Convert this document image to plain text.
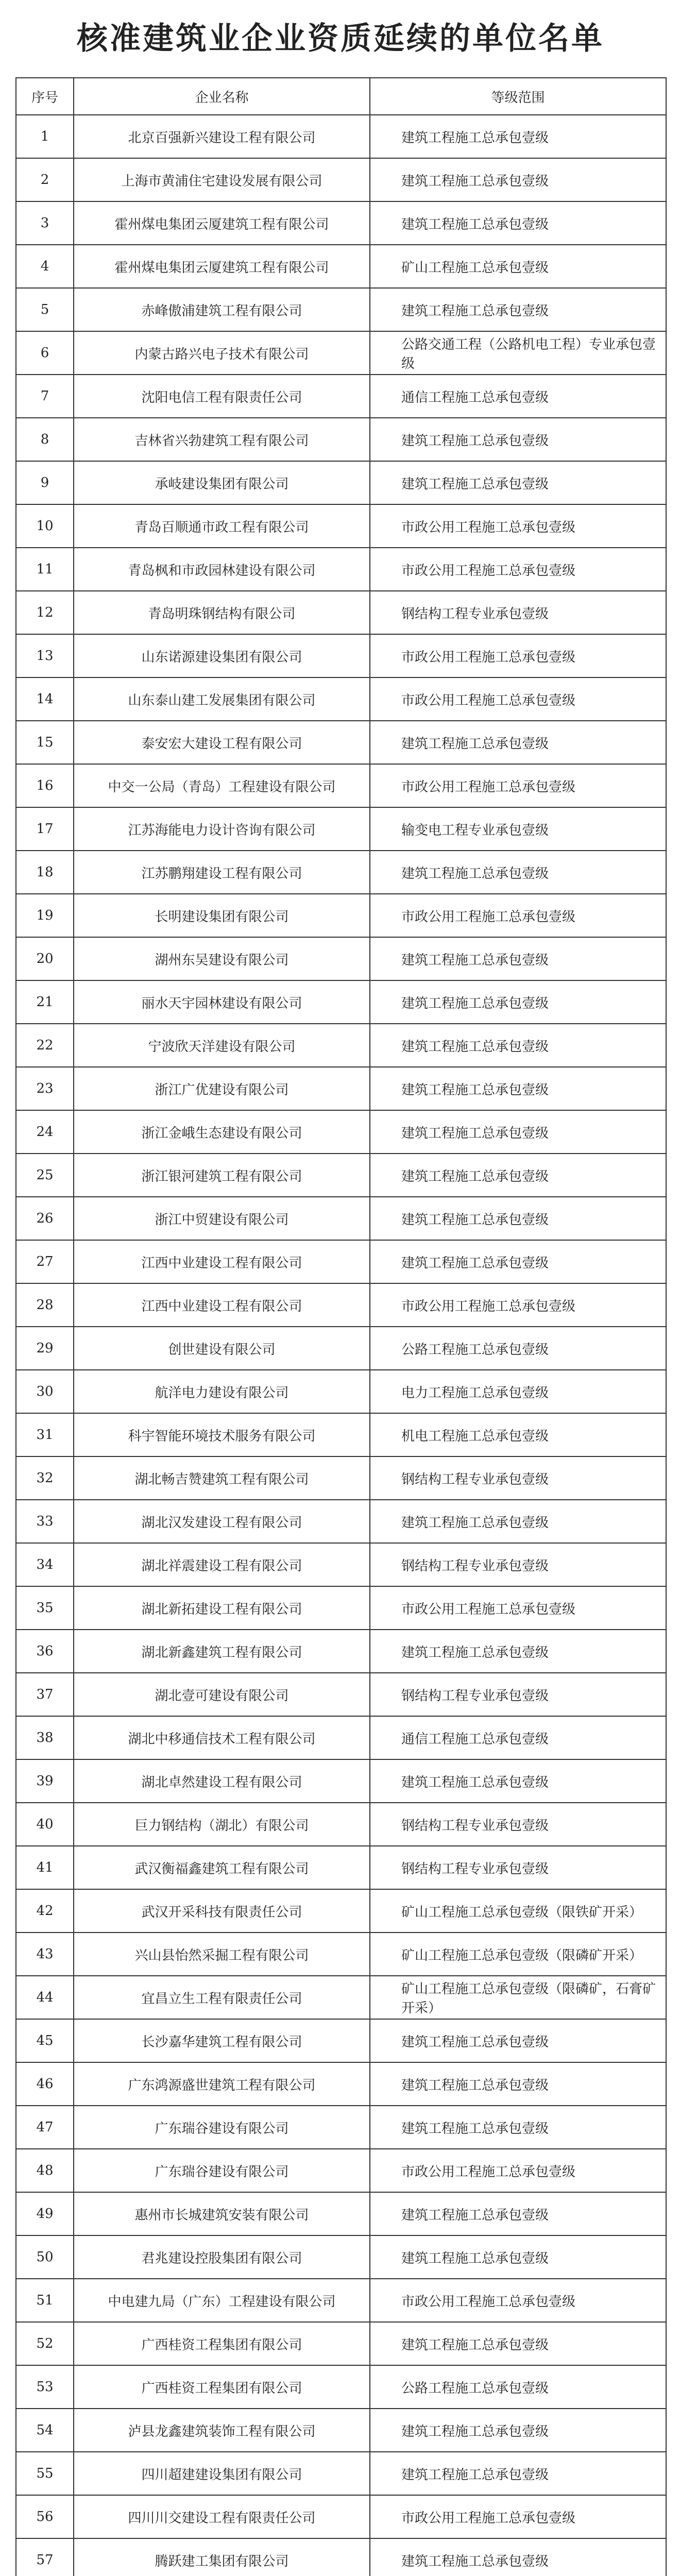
核准建筑业企业资质延续的单位名单
序号	企业名称	等级范围
1	北京百强新兴建设工程有限公司	建筑工程施工总承包壹级
2	上海市黄浦住宅建设发展有限公司	建筑工程施工总承包壹级
3	霍州煤电集团云厦建筑工程有限公司	建筑工程施工总承包壹级
4	霍州煤电集团云厦建筑工程有限公司	矿山工程施工总承包壹级
5	赤峰傲浦建筑工程有限公司	建筑工程施工总承包壹级
6	内蒙古路兴电子技术有限公司	公路交通工程（公路机电工程）专业承包壹级
7	沈阳电信工程有限责任公司	通信工程施工总承包壹级
8	吉林省兴勃建筑工程有限公司	建筑工程施工总承包壹级
9	承岐建设集团有限公司	建筑工程施工总承包壹级
10	青岛百顺通市政工程有限公司	市政公用工程施工总承包壹级
11	青岛枫和市政园林建设有限公司	市政公用工程施工总承包壹级
12	青岛明珠钢结构有限公司	钢结构工程专业承包壹级
13	山东诺源建设集团有限公司	市政公用工程施工总承包壹级
14	山东泰山建工发展集团有限公司	市政公用工程施工总承包壹级
15	泰安宏大建设工程有限公司	建筑工程施工总承包壹级
16	中交一公局（青岛）工程建设有限公司	市政公用工程施工总承包壹级
17	江苏海能电力设计咨询有限公司	输变电工程专业承包壹级
18	江苏鹏翔建设工程有限公司	建筑工程施工总承包壹级
19	长明建设集团有限公司	市政公用工程施工总承包壹级
20	湖州东吴建设有限公司	建筑工程施工总承包壹级
21	丽水天宇园林建设有限公司	建筑工程施工总承包壹级
22	宁波欣天洋建设有限公司	建筑工程施工总承包壹级
23	浙江广优建设有限公司	建筑工程施工总承包壹级
24	浙江金峨生态建设有限公司	建筑工程施工总承包壹级
25	浙江银河建筑工程有限公司	建筑工程施工总承包壹级
26	浙江中贸建设有限公司	建筑工程施工总承包壹级
27	江西中业建设工程有限公司	建筑工程施工总承包壹级
28	江西中业建设工程有限公司	市政公用工程施工总承包壹级
29	创世建设有限公司	公路工程施工总承包壹级
30	航洋电力建设有限公司	电力工程施工总承包壹级
31	科宇智能环境技术服务有限公司	机电工程施工总承包壹级
32	湖北畅吉赞建筑工程有限公司	钢结构工程专业承包壹级
33	湖北汉发建设工程有限公司	建筑工程施工总承包壹级
34	湖北祥震建设工程有限公司	钢结构工程专业承包壹级
35	湖北新拓建设工程有限公司	市政公用工程施工总承包壹级
36	湖北新鑫建筑工程有限公司	建筑工程施工总承包壹级
37	湖北壹可建设有限公司	钢结构工程专业承包壹级
38	湖北中移通信技术工程有限公司	通信工程施工总承包壹级
39	湖北卓然建设工程有限公司	建筑工程施工总承包壹级
40	巨力钢结构（湖北）有限公司	钢结构工程专业承包壹级
41	武汉衡福鑫建筑工程有限公司	钢结构工程专业承包壹级
42	武汉开采科技有限责任公司	矿山工程施工总承包壹级（限铁矿开采）
43	兴山县怡然采掘工程有限公司	矿山工程施工总承包壹级（限磷矿开采）
44	宜昌立生工程有限责任公司	矿山工程施工总承包壹级（限磷矿，石膏矿开采）
45	长沙嘉华建筑工程有限公司	建筑工程施工总承包壹级
46	广东鸿源盛世建筑工程有限公司	建筑工程施工总承包壹级
47	广东瑞谷建设有限公司	建筑工程施工总承包壹级
48	广东瑞谷建设有限公司	市政公用工程施工总承包壹级
49	惠州市长城建筑安装有限公司	建筑工程施工总承包壹级
50	君兆建设控股集团有限公司	建筑工程施工总承包壹级
51	中电建九局（广东）工程建设有限公司	市政公用工程施工总承包壹级
52	广西桂资工程集团有限公司	建筑工程施工总承包壹级
53	广西桂资工程集团有限公司	公路工程施工总承包壹级
54	泸县龙鑫建筑装饰工程有限公司	建筑工程施工总承包壹级
55	四川超建建设集团有限公司	建筑工程施工总承包壹级
56	四川川交建设工程有限责任公司	市政公用工程施工总承包壹级
57	腾跃建工集团有限公司	建筑工程施工总承包壹级
